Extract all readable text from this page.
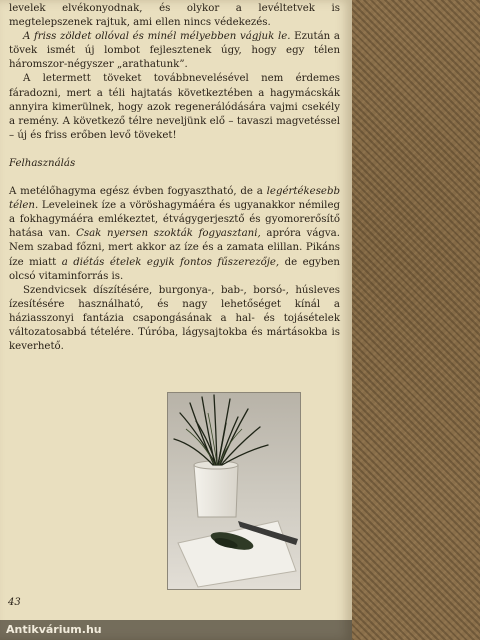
levelek elvékonyodnak, és olykor a levéltetvek is megtelepszenek rajtuk, ami ellen nincs védekezés.

A friss zöldet ollóval és minél mélyebben vágjuk le. Ezután a tövek ismét új lombot fejlesztenek úgy, hogy egy télen háromszor-négyszer „arathatunk”.

A letermett töveket továbbnevelésével nem érdemes fáradozni, mert a téli hajtatás következtében a hagymácskák annyira kimerülnek, hogy azok regenerálódására vajmi csekély a remény. A következő télre neveljünk elő – tavaszi magvetéssel – új és friss erőben levő töveket!

Felhasználás

A metélőhagyma egész évben fogyasztható, de a legértékesebb télen. Leveleinek íze a vöröshagymáéra és ugyanakkor némileg a fokhagymáéra emlékeztet, étvágygerjesztő és gyomorerősítő hatása van. Csak nyersen szokták fogyasztani, apróra vágva. Nem szabad főzni, mert akkor az íze és a zamata elillan. Pikáns íze miatt a diétás ételek egyik fontos fűszerezője, de egyben olcsó vitaminforrás is.

Szendvicsek díszítésére, burgonya-, bab-, borsó-, húsleves ízesítésére használható, és nagy lehetőséget kínál a háziasszonyi fantázia csapongásának a hal- és tojásételek változatosabbá tételére. Túróba, lágysajtokba és mártásokba is keverhető.

43
Antikvárium.hu
